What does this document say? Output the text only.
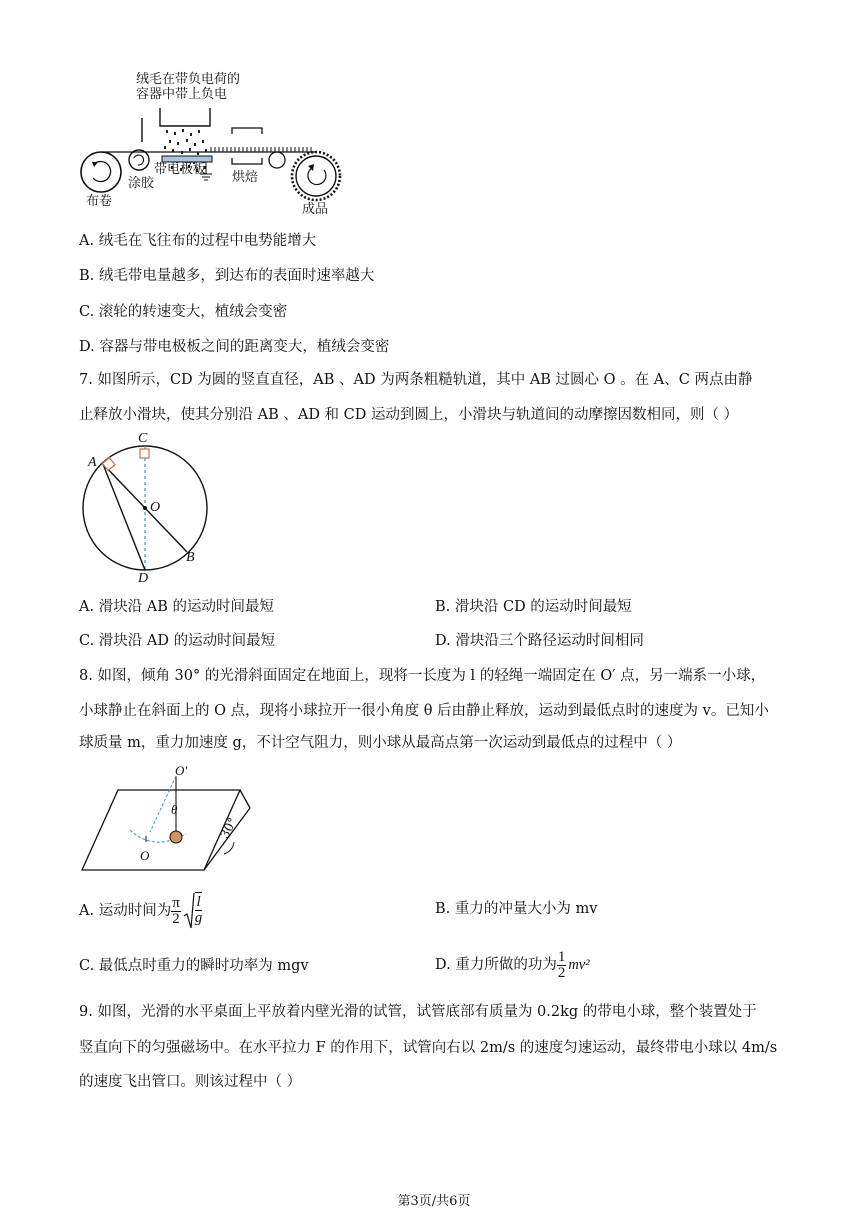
绒毛在带负电荷的
容器中带上负电
布卷
涂胶
带电极板
烘焙
成品
A. 绒毛在飞往布的过程中电势能增大
B. 绒毛带电量越多，到达布的表面时速率越大
C. 滚轮的转速变大，植绒会变密
D. 容器与带电极板之间的距离变大，植绒会变密
7. 如图所示，CD 为圆的竖直直径，AB 、AD 为两条粗糙轨道，其中 AB 过圆心 O 。在 A、C 两点由静
止释放小滑块，使其分别沿 AB 、AD 和 CD 运动到圆上，小滑块与轨道间的动摩擦因数相同，则（ ）
C
A
O
B
D
A. 滑块沿 AB 的运动时间最短	B. 滑块沿 CD 的运动时间最短
C. 滑块沿 AD 的运动时间最短	D. 滑块沿三个路径运动时间相同
8. 如图，倾角 30° 的光滑斜面固定在地面上，现将一长度为 l 的轻绳一端固定在 O′ 点，另一端系一小球，
小球静止在斜面上的 O 点，现将小球拉开一很小角度 θ 后由静止释放，运动到最低点时的速度为 v。已知小
球质量 m，重力加速度 g，不计空气阻力，则小球从最高点第一次运动到最低点的过程中（ ）
O′
θ
O
30°
A. 运动时间为 $\frac{\pi}{2} \frac{l}{g}$	B. 重力的冲量大小为 mv
C. 最低点时重力的瞬时功率为 mgv	D. 重力所做的功为 $\frac{1}{2} mv^2$
9. 如图，光滑的水平桌面上平放着内壁光滑的试管，试管底部有质量为 0.2kg 的带电小球，整个装置处于
竖直向下的匀强磁场中。在水平拉力 F 的作用下，试管向右以 2m/s 的速度匀速运动，最终带电小球以 4m/s
的速度飞出管口。则该过程中（ ）
第3页/共6页
